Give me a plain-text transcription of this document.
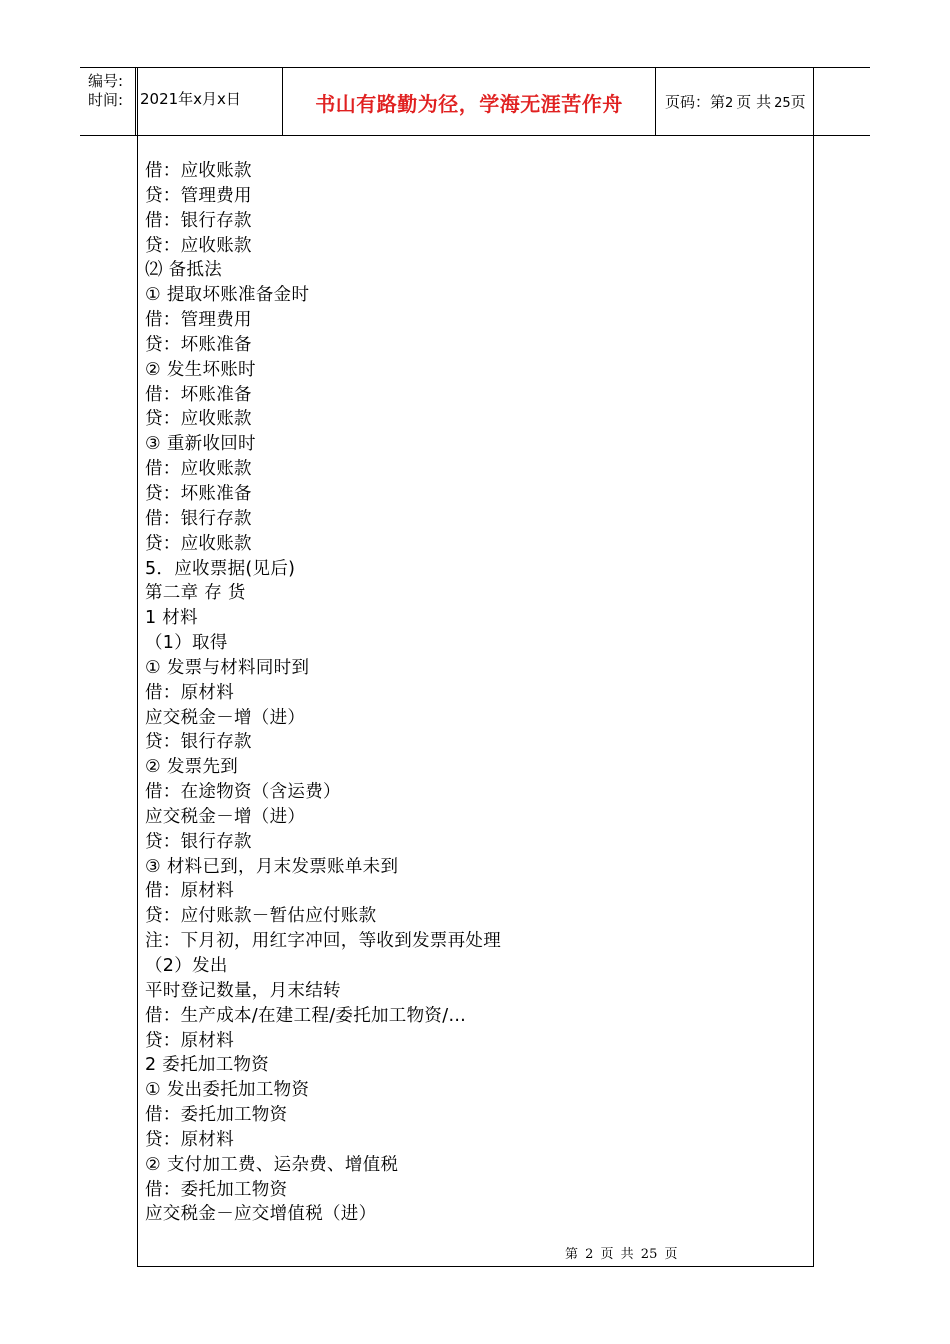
编号:
时间: 2021年x月x日	书山有路勤为径，学海无涯苦作舟	页码：第2 页 共 25页
借：应收账款
贷：管理费用
借：银行存款
贷：应收账款
⑵ 备抵法
① 提取坏账准备金时
借：管理费用
贷：坏账准备
② 发生坏账时
借：坏账准备
贷：应收账款
③ 重新收回时
借：应收账款
贷：坏账准备
借：银行存款
贷：应收账款
5．应收票据(见后)
第二章 存 货
1 材料
（1）取得
① 发票与材料同时到
借：原材料
应交税金－增（进）
贷：银行存款
② 发票先到
借：在途物资（含运费）
应交税金－增（进）
贷：银行存款
③ 材料已到，月末发票账单未到
借：原材料
贷：应付账款－暂估应付账款
注：下月初，用红字冲回，等收到发票再处理
（2）发出
平时登记数量，月末结转
借：生产成本/在建工程/委托加工物资/…
贷：原材料
2 委托加工物资
① 发出委托加工物资
借：委托加工物资
贷：原材料
② 支付加工费、运杂费、增值税
借：委托加工物资
应交税金－应交增值税（进）
第 2 页 共 25 页
